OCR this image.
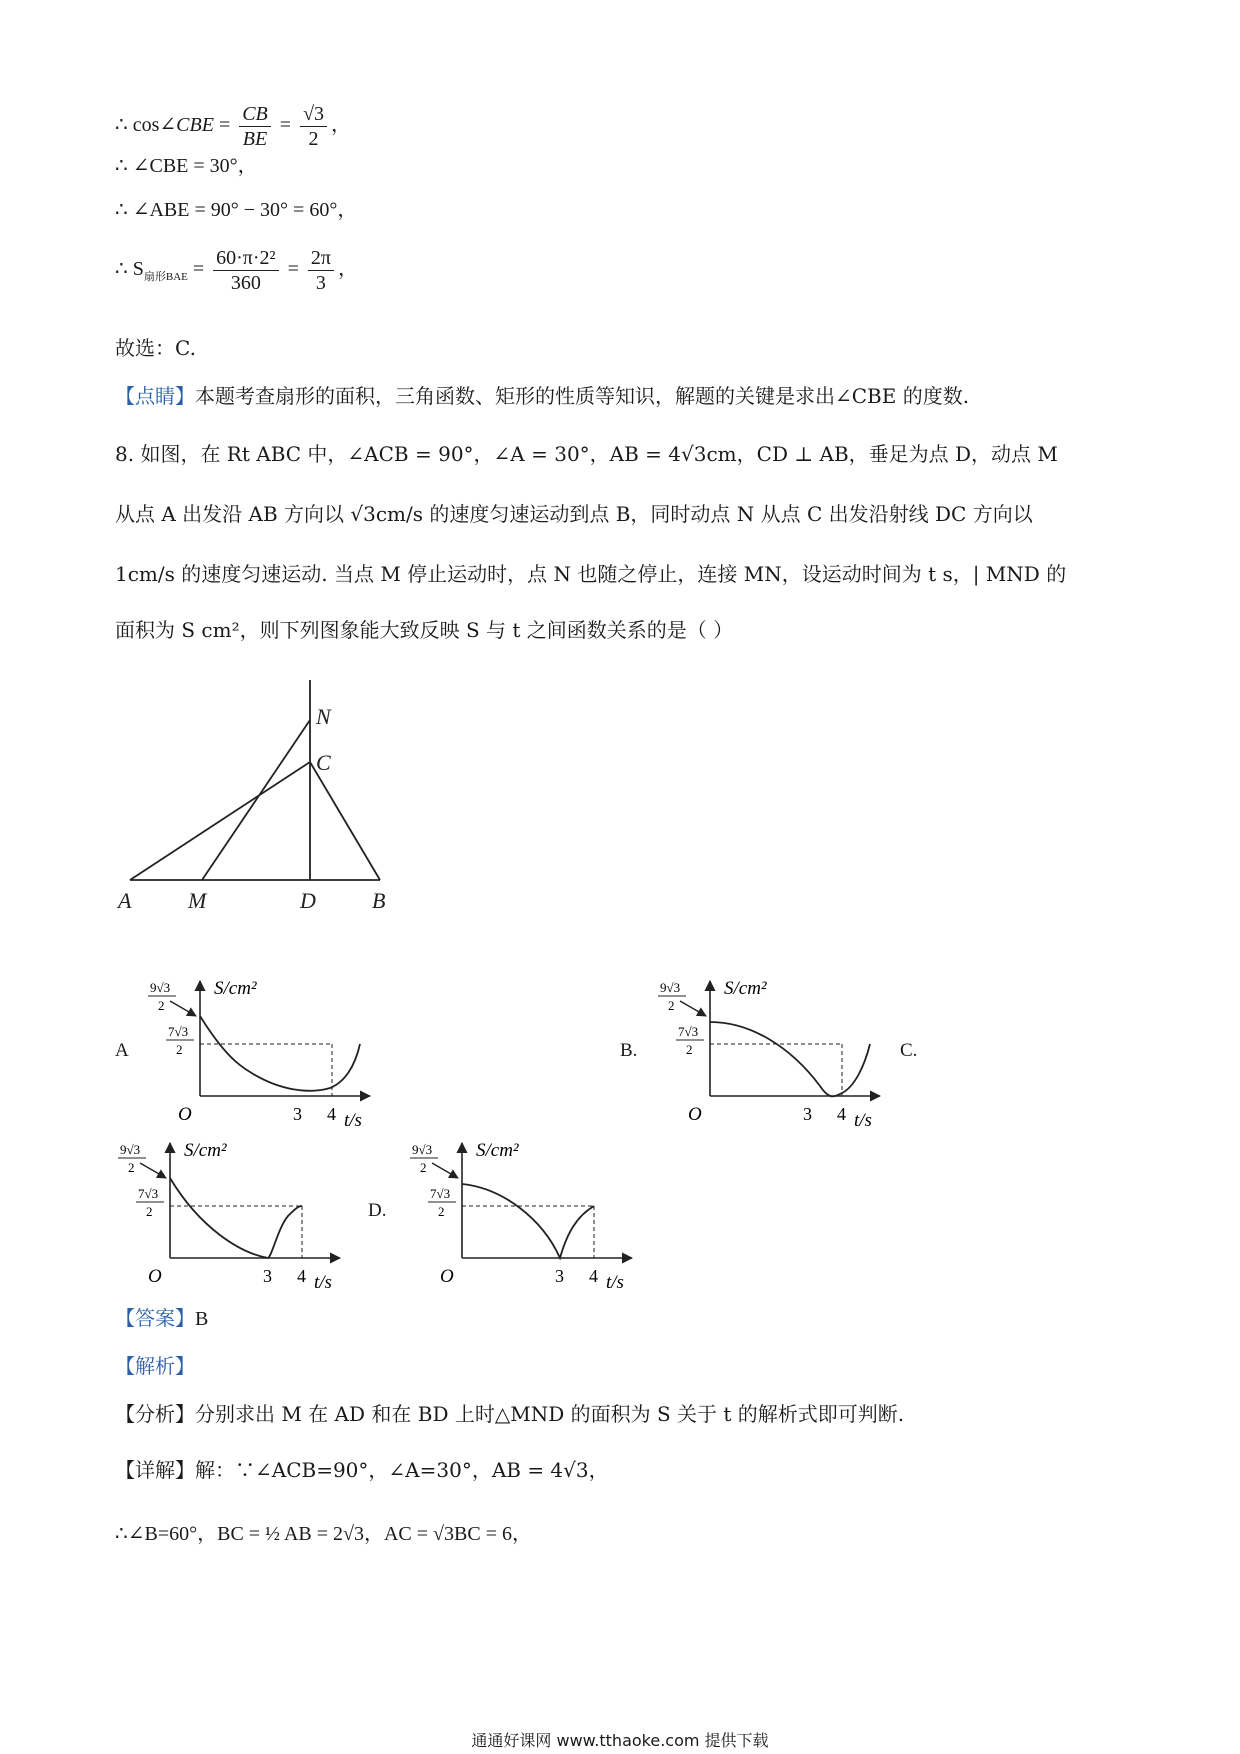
∴ cos∠CBE = $\frac{CB}{BE} = \frac{√3}{2}$ ，
∴ ∠CBE = 30°，
∴ ∠ABE = 90° − 30° = 60°，
∴ $S_{扇形BAE} = \frac{\text{60·π·2²}}{360} = \frac{2\pi}{3}$ ，
故选：C.
【点睛】本题考查扇形的面积，三角函数、矩形的性质等知识，解题的关键是求出∠CBE 的度数.
8. 如图，在 Rt ABC 中，∠ACB = 90°，∠A = 30°，AB = 4√3cm，CD ⊥ AB，垂足为点 D，动点 M
从点 A 出发沿 AB 方向以 √3cm/s 的速度匀速运动到点 B，同时动点 N 从点 C 出发沿射线 DC 方向以
1cm/s 的速度匀速运动. 当点 M 停止运动时，点 N 也随之停止，连接 MN，设运动时间为 t s，| MND 的
面积为 S cm²，则下列图象能大致反映 S 与 t 之间函数关系的是（ ）
A	M	D	B
C
N
A	B.	C.
D.
9√3
2
7√3
2
S/cm²
O	3 4 t/s
9√3
2
7√3
2
S/cm²
O	3 4 t/s
9√3
2
7√3
2
S/cm²
O	3 4 t/s
9√3
2
7√3
2
S/cm²
O	3 4 t/s
【答案】B
【解析】
【分析】分别求出 M 在 AD 和在 BD 上时△MND 的面积为 S 关于 t 的解析式即可判断.
【详解】解：∵∠ACB=90°，∠A=30°，AB = 4√3，
∴∠B=60°，BC = ½ AB = 2√3，AC = √3BC = 6，
通通好课网 www.tthaoke.com 提供下载
